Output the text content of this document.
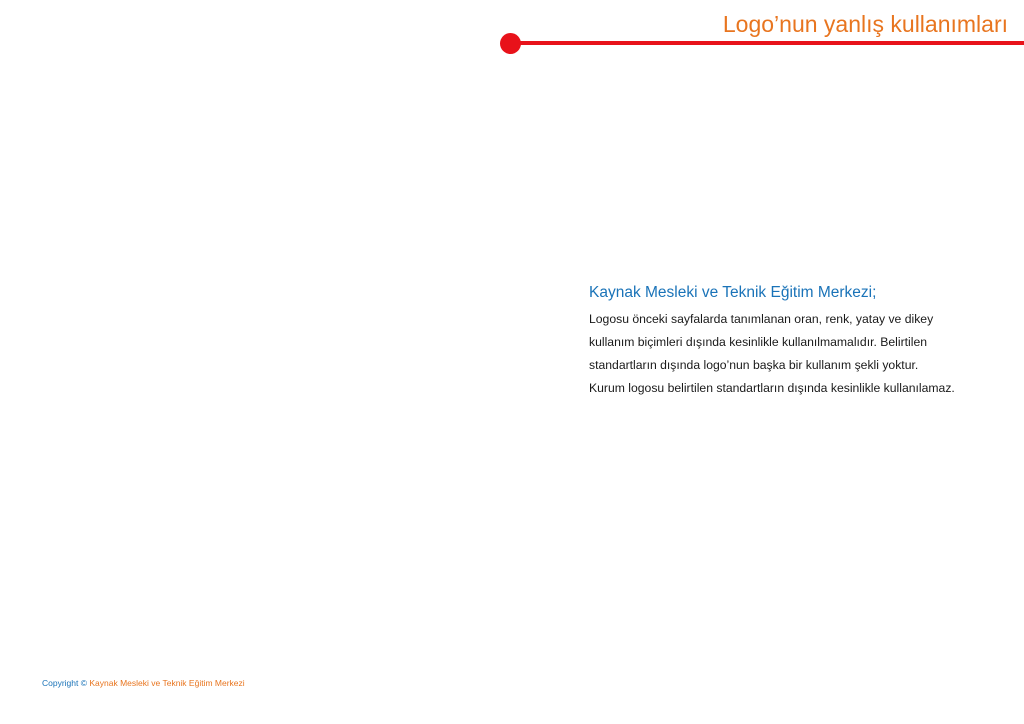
Logo’nun yanlış kullanımları
Kaynak Mesleki ve Teknik Eğitim Merkezi;
Logosu önceki sayfalarda tanımlanan oran, renk, yatay ve dikey
kullanım biçimleri dışında kesinlikle kullanılmamalıdır. Belirtilen
standartların dışında logo’nun başka bir kullanım şekli yoktur.
Kurum logosu belirtilen standartların dışında kesinlikle kullanılamaz.
Copyright © Kaynak Mesleki ve Teknik Eğitim Merkezi
